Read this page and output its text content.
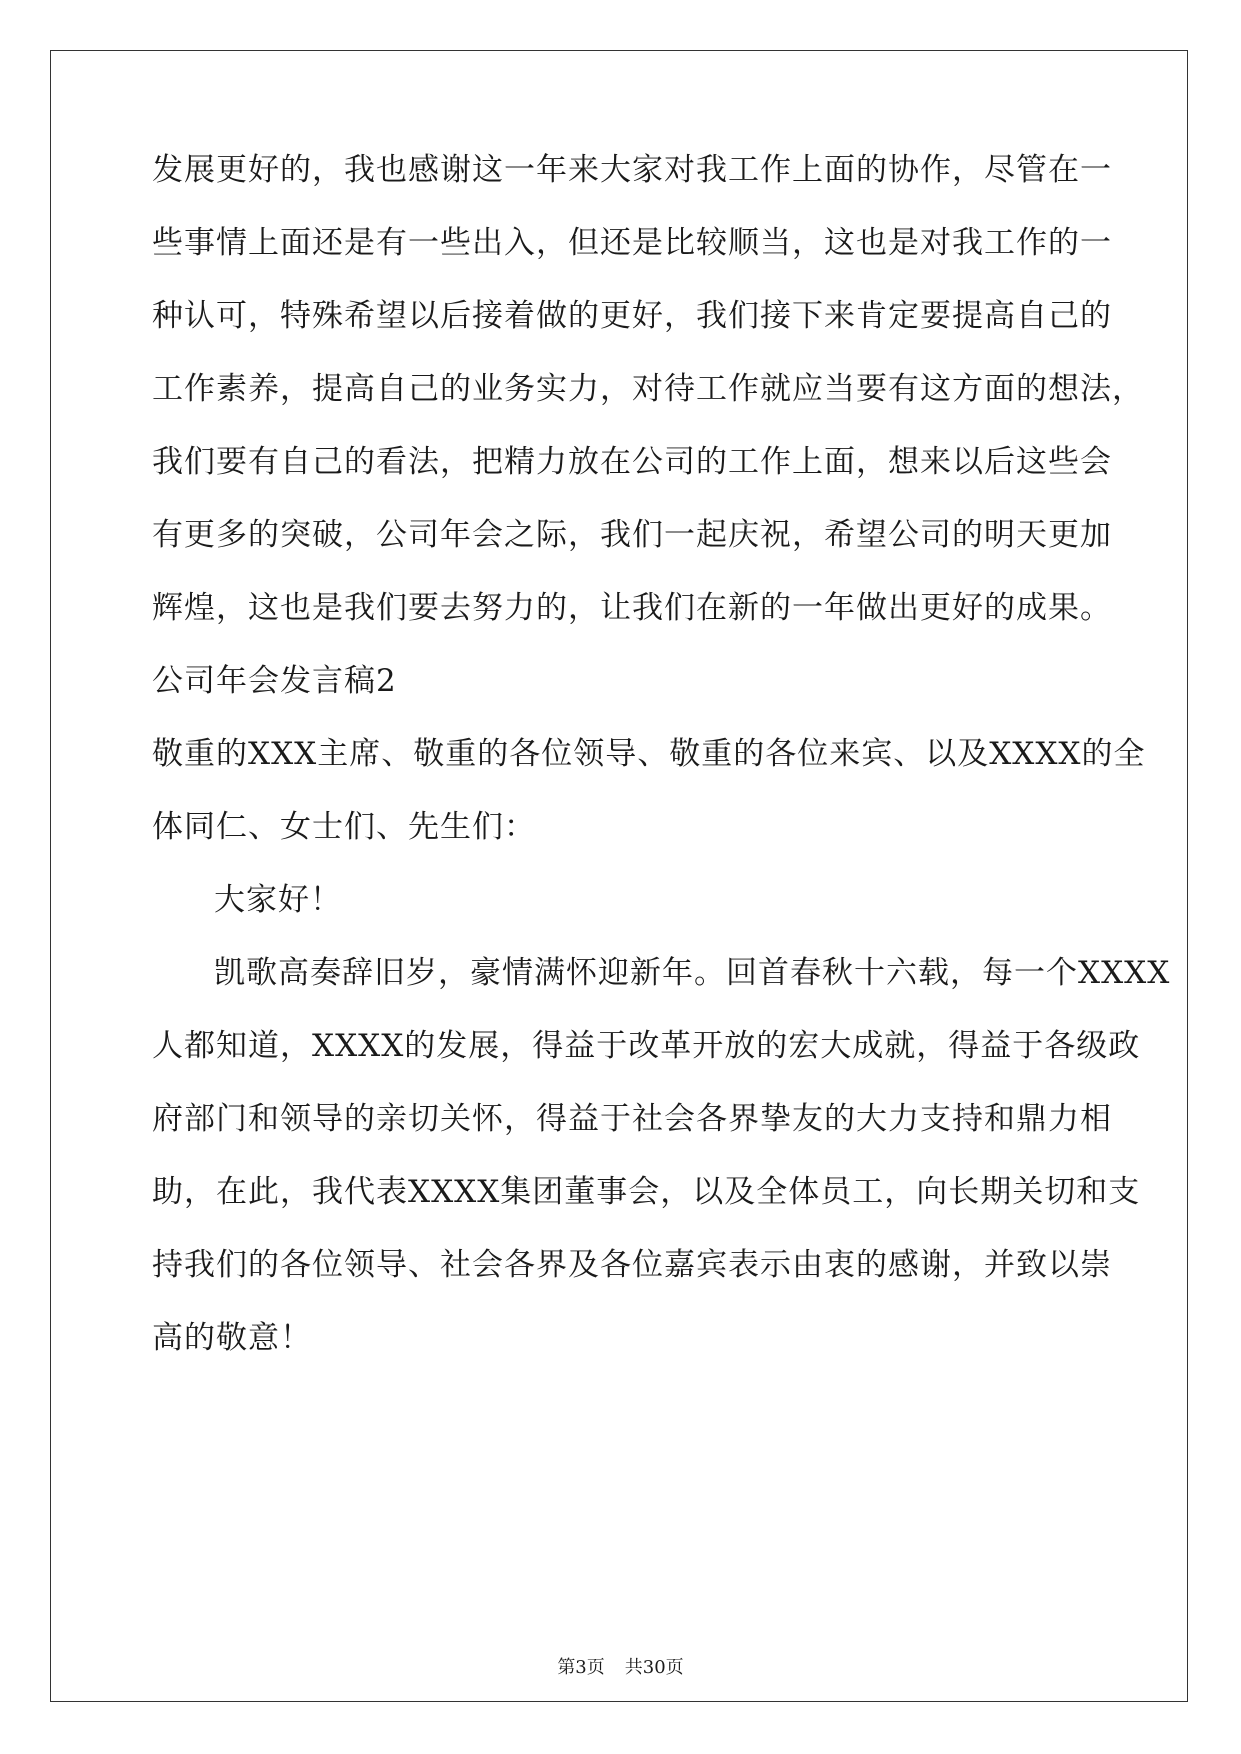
发展更好的，我也感谢这一年来大家对我工作上面的协作，尽管在一
些事情上面还是有一些出入，但还是比较顺当，这也是对我工作的一
种认可，特殊希望以后接着做的更好，我们接下来肯定要提高自己的
工作素养，提高自己的业务实力，对待工作就应当要有这方面的想法，
我们要有自己的看法，把精力放在公司的工作上面，想来以后这些会
有更多的突破，公司年会之际，我们一起庆祝，希望公司的明天更加
辉煌，这也是我们要去努力的，让我们在新的一年做出更好的成果。
公司年会发言稿2
敬重的XXX主席、敬重的各位领导、敬重的各位来宾、以及XXXX的全
体同仁、女士们、先生们：
大家好！
凯歌高奏辞旧岁，豪情满怀迎新年。回首春秋十六载，每一个XXXX
人都知道，XXXX的发展，得益于改革开放的宏大成就，得益于各级政
府部门和领导的亲切关怀，得益于社会各界挚友的大力支持和鼎力相
助，在此，我代表XXXX集团董事会，以及全体员工，向长期关切和支
持我们的各位领导、社会各界及各位嘉宾表示由衷的感谢，并致以崇
高的敬意！
第3页 共30页
